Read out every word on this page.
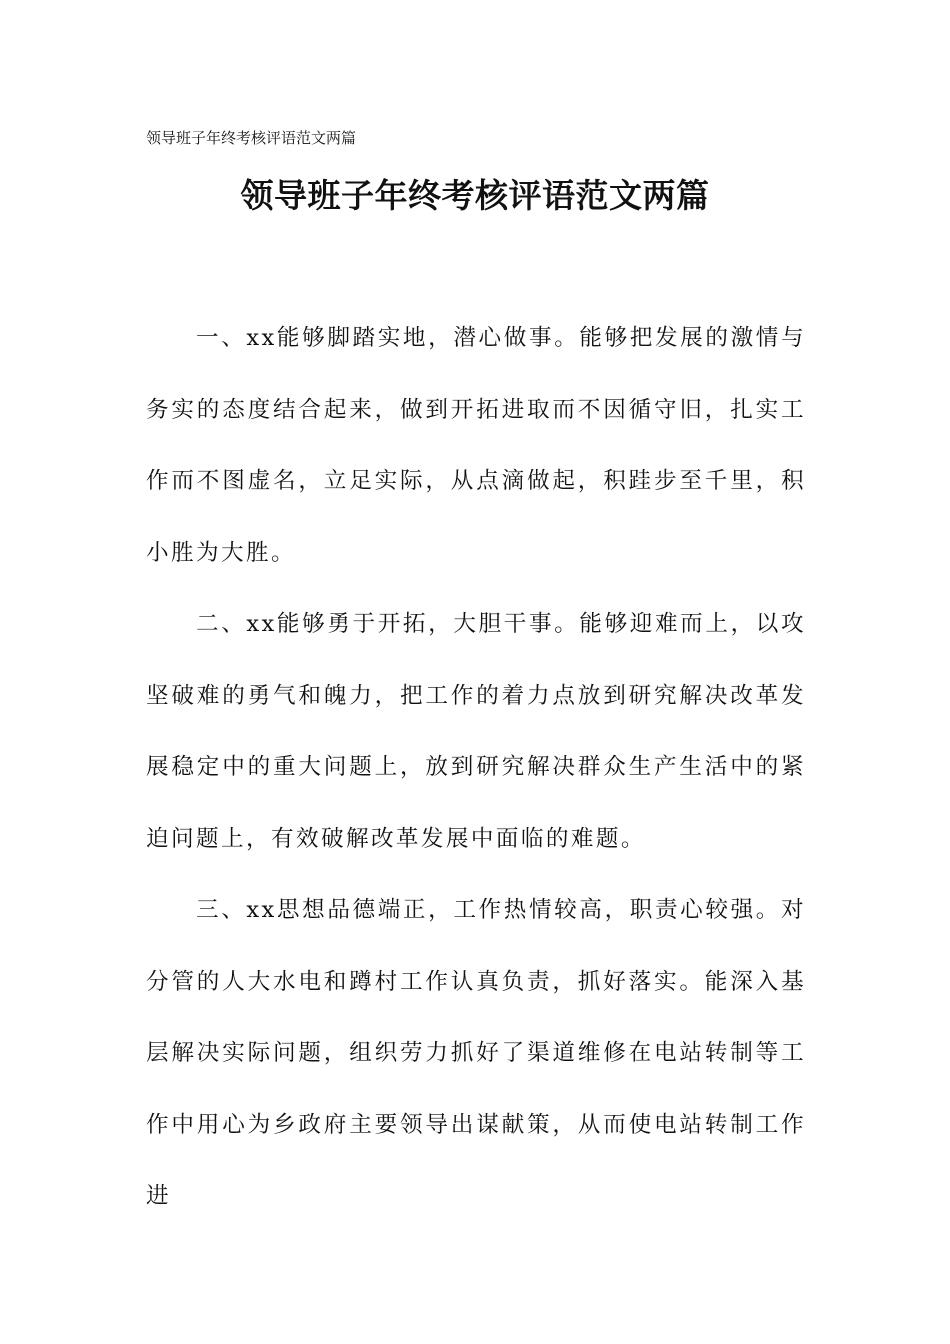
领导班子年终考核评语范文两篇
领导班子年终考核评语范文两篇

一、xx能够脚踏实地，潜心做事。能够把发展的激情与务实的态度结合起来，做到开拓进取而不因循守旧，扎实工作而不图虚名，立足实际，从点滴做起，积跬步至千里，积小胜为大胜。

二、xx能够勇于开拓，大胆干事。能够迎难而上，以攻坚破难的勇气和魄力，把工作的着力点放到研究解决改革发展稳定中的重大问题上，放到研究解决群众生产生活中的紧迫问题上，有效破解改革发展中面临的难题。

三、xx思想品德端正，工作热情较高，职责心较强。对分管的人大水电和蹲村工作认真负责，抓好落实。能深入基层解决实际问题，组织劳力抓好了渠道维修在电站转制等工作中用心为乡政府主要领导出谋献策，从而使电站转制工作进
